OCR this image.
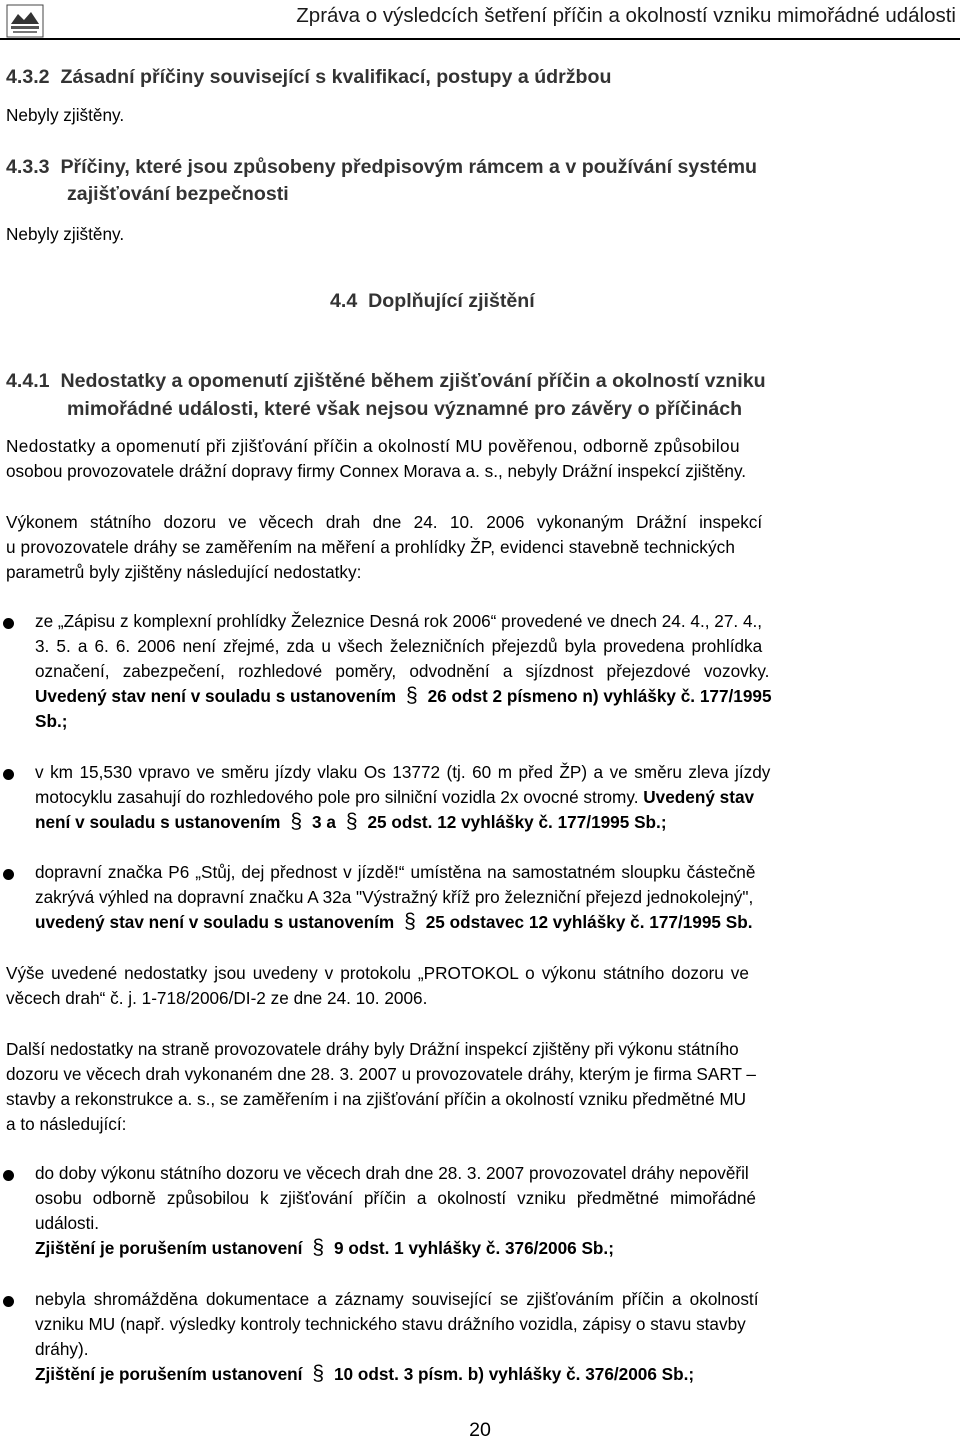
Zpráva o výsledcích šetření příčin a okolností vzniku mimořádné události
4.3.2 Zásadní příčiny související s kvalifikací, postupy a údržbou
Nebyly zjištěny.
4.3.3 Příčiny, které jsou způsobeny předpisovým rámcem a v používání systému
zajišťování bezpečnosti
Nebyly zjištěny.
4.4 Doplňující zjištění
4.4.1 Nedostatky a opomenutí zjištěné během zjišťování příčin a okolností vzniku
mimořádné události, které však nejsou významné pro závěry o příčinách
Nedostatky a opomenutí při zjišťování příčin a okolností MU pověřenou, odborně způsobilou
osobou provozovatele drážní dopravy firmy Connex Morava a. s., nebyly Drážní inspekcí zjištěny.
Výkonem státního dozoru ve věcech drah dne 24. 10. 2006 vykonaným Drážní inspekcí
u provozovatele dráhy se zaměřením na měření a prohlídky ŽP, evidenci stavebně technických
parametrů byly zjištěny následující nedostatky:
ze „Zápisu z komplexní prohlídky Železnice Desná rok 2006“ provedené ve dnech 24. 4., 27. 4.,
3. 5. a 6. 6. 2006 není zřejmé, zda u všech železničních přejezdů byla provedena prohlídka
označení, zabezpečení, rozhledové poměry, odvodnění a sjízdnost přejezdové vozovky.
Uvedený stav není v souladu s ustanovením § 26 odst 2 písmeno n) vyhlášky č. 177/1995
Sb.;
v km 15,530 vpravo ve směru jízdy vlaku Os 13772 (tj. 60 m před ŽP) a ve směru zleva jízdy
motocyklu zasahují do rozhledového pole pro silniční vozidla 2x ovocné stromy. Uvedený stav
není v souladu s ustanovením § 3 a § 25 odst. 12 vyhlášky č. 177/1995 Sb.;
dopravní značka P6 „Stůj, dej přednost v jízdě!“ umístěna na samostatném sloupku částečně
zakrývá výhled na dopravní značku A 32a "Výstražný kříž pro železniční přejezd jednokolejný",
uvedený stav není v souladu s ustanovením § 25 odstavec 12 vyhlášky č. 177/1995 Sb.
Výše uvedené nedostatky jsou uvedeny v protokolu „PROTOKOL o výkonu státního dozoru ve
věcech drah“ č. j. 1-718/2006/DI-2 ze dne 24. 10. 2006.
Další nedostatky na straně provozovatele dráhy byly Drážní inspekcí zjištěny při výkonu státního
dozoru ve věcech drah vykonaném dne 28. 3. 2007 u provozovatele dráhy, kterým je firma SART –
stavby a rekonstrukce a. s., se zaměřením i na zjišťování příčin a okolností vzniku předmětné MU
a to následující:
do doby výkonu státního dozoru ve věcech drah dne 28. 3. 2007 provozovatel dráhy nepověřil
osobu odborně způsobilou k zjišťování příčin a okolností vzniku předmětné mimořádné
události.
Zjištění je porušením ustanovení § 9 odst. 1 vyhlášky č. 376/2006 Sb.;
nebyla shromážděna dokumentace a záznamy související se zjišťováním příčin a okolností
vzniku MU (např. výsledky kontroly technického stavu drážního vozidla, zápisy o stavu stavby
dráhy).
Zjištění je porušením ustanovení § 10 odst. 3 písm. b) vyhlášky č. 376/2006 Sb.;
20
